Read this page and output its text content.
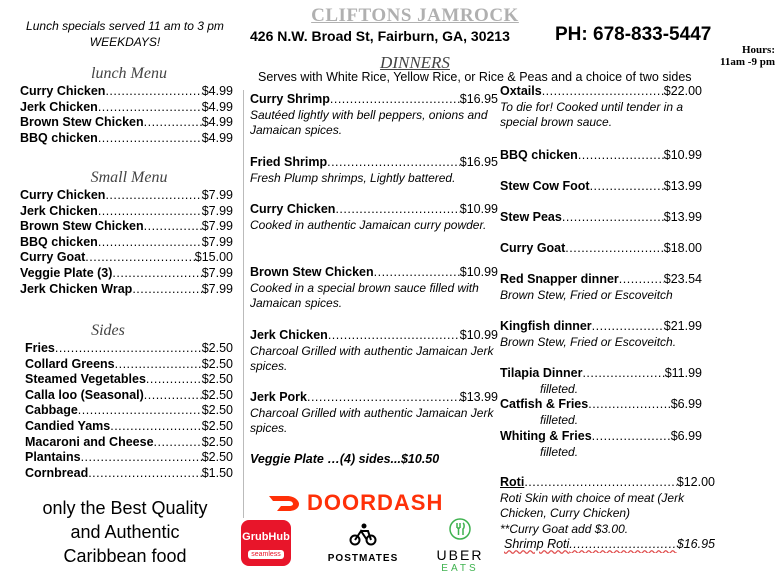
Lunch specials served 11 am to 3 pm
WEEKDAYS!
CLIFTONS JAMROCK
426 N.W. Broad St, Fairburn, GA, 30213 PH: 678-833-5447
Hours:
11am -9 pm
lunch Menu
Curry Chicken .....	$4.99
Jerk Chicken .....	$4.99
Brown Stew Chicken .....	$4.99
BBQ chicken .....	$4.99
Small Menu
Curry Chicken .....	$7.99
Jerk Chicken .....	$7.99
Brown Stew Chicken .....	$7.99
BBQ chicken .....	$7.99
Curry Goat .....	$15.00
Veggie Plate (3) .....	$7.99
Jerk Chicken Wrap .....	$7.99
Sides
Fries .....	$2.50
Collard Greens .....	$2.50
Steamed Vegetables .....	$2.50
Calla loo (Seasonal) .....	$2.50
Cabbage .....	$2.50
Candied Yams .....	$2.50
Macaroni and Cheese .....	$2.50
Plantains .....	$2.50
Cornbread .....	$1.50
only the Best Quality
and Authentic
Caribbean food
DINNERS
Serves with White Rice, Yellow Rice, or Rice & Peas and a choice of two sides
Curry Shrimp .....	$16.95
Sautéed lightly with bell peppers, onions and Jamaican spices.
Fried Shrimp .....	$16.95
Fresh Plump shrimps, Lightly battered.
Curry Chicken .....	$10.99
Cooked in authentic Jamaican curry powder.
Brown Stew Chicken .....	$10.99
Cooked in a special brown sauce filled with Jamaican spices.
Jerk Chicken .....	$10.99
Charcoal Grilled with authentic Jamaican Jerk spices.
Jerk Pork .....	$13.99
Charcoal Grilled with authentic Jamaican Jerk spices.
Veggie Plate …(4) sides...$10.50
Oxtails .....	$22.00
To die for! Cooked until tender in a special brown sauce.
BBQ chicken .....	$10.99
Stew Cow Foot .....	$13.99
Stew Peas .....	$13.99
Curry Goat .....	$18.00
Red Snapper dinner .....	$23.54
Brown Stew, Fried or Escoveitch
Kingfish dinner .....	$21.99
Brown Stew, Fried or Escoveitch.
Tilapia Dinner .....	$11.99
filleted.
Catfish & Fries .....	$6.99
filleted.
Whiting & Fries .....	$6.99
filleted.
Roti .....	$12.00
Roti Skin with choice of meat (Jerk Chicken, Curry Chicken)
**Curry Goat add $3.00.
Shrimp Roti .....	$16.95
DOORDASH
GrubHub
seamless	POSTMATES	UBER
EATS
